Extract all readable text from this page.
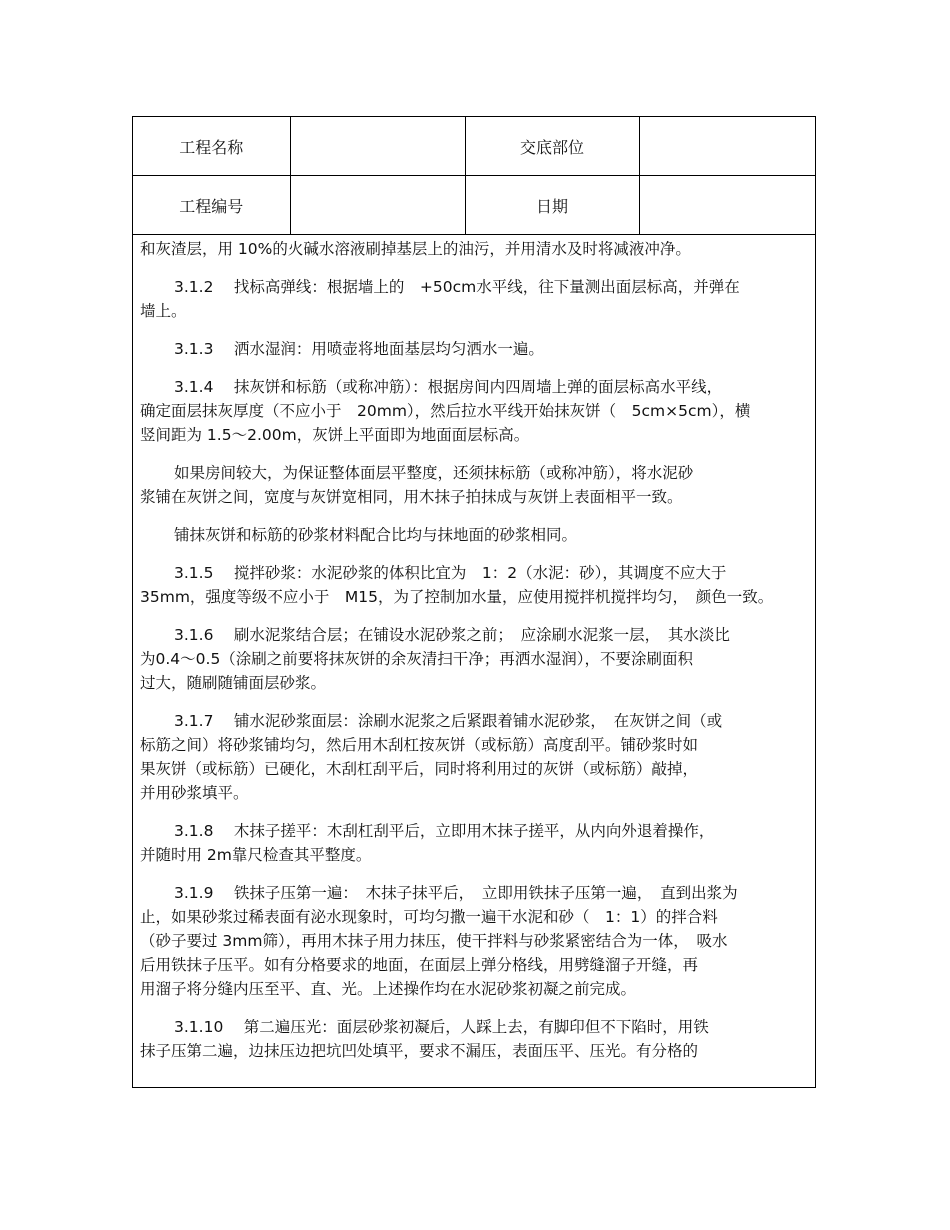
工程名称		交底部位	
工程编号		日期	
和灰渣层，用 10%的火碱水溶液刷掉基层上的油污，并用清水及时将减液冲净。
3.1.2　 找标高弹线：根据墙上的　+50cm水平线，往下量测出面层标高，并弹在
墙上。
3.1.3　 洒水湿润：用喷壶将地面基层均匀洒水一遍。
3.1.4　 抹灰饼和标筋（或称冲筋）：根据房间内四周墙上弹的面层标高水平线，
确定面层抹灰厚度（不应小于　20mm），然后拉水平线开始抹灰饼（　5cm×5cm），横
竖间距为 1.5～2.00m，灰饼上平面即为地面面层标高。
如果房间较大，为保证整体面层平整度，还须抹标筋（或称冲筋），将水泥砂
浆铺在灰饼之间，宽度与灰饼宽相同，用木抹子拍抹成与灰饼上表面相平一致。
铺抹灰饼和标筋的砂浆材料配合比均与抹地面的砂浆相同。
3.1.5　 搅拌砂浆：水泥砂浆的体积比宜为　1：2（水泥：砂），其调度不应大于
35mm，强度等级不应小于　M15，为了控制加水量，应使用搅拌机搅拌均匀，　颜色一致。
3.1.6　 刷水泥浆结合层；在铺设水泥砂浆之前；　应涂刷水泥浆一层，　其水淡比
为0.4～0.5（涂刷之前要将抹灰饼的余灰清扫干净；再洒水湿润），不要涂刷面积
过大，随刷随铺面层砂浆。
3.1.7　 铺水泥砂浆面层：涂刷水泥浆之后紧跟着铺水泥砂浆，　在灰饼之间（或
标筋之间）将砂浆铺均匀，然后用木刮杠按灰饼（或标筋）高度刮平。铺砂浆时如
果灰饼（或标筋）已硬化，木刮杠刮平后，同时将利用过的灰饼（或标筋）敲掉，
并用砂浆填平。
3.1.8　 木抹子搓平：木刮杠刮平后，立即用木抹子搓平，从内向外退着操作，
并随时用 2m靠尺检查其平整度。
3.1.9　 铁抹子压第一遍：　木抹子抹平后，　立即用铁抹子压第一遍，　直到出浆为
止，如果砂浆过稀表面有泌水现象时，可均匀撒一遍干水泥和砂（　1：1）的拌合料
（砂子要过 3mm筛），再用木抹子用力抹压，使干拌料与砂浆紧密结合为一体，　吸水
后用铁抹子压平。如有分格要求的地面，在面层上弹分格线，用劈缝溜子开缝，再
用溜子将分缝内压至平、直、光。上述操作均在水泥砂浆初凝之前完成。
3.1.10　 第二遍压光：面层砂浆初凝后，人踩上去，有脚印但不下陷时，用铁
抹子压第二遍，边抹压边把坑凹处填平，要求不漏压，表面压平、压光。有分格的
